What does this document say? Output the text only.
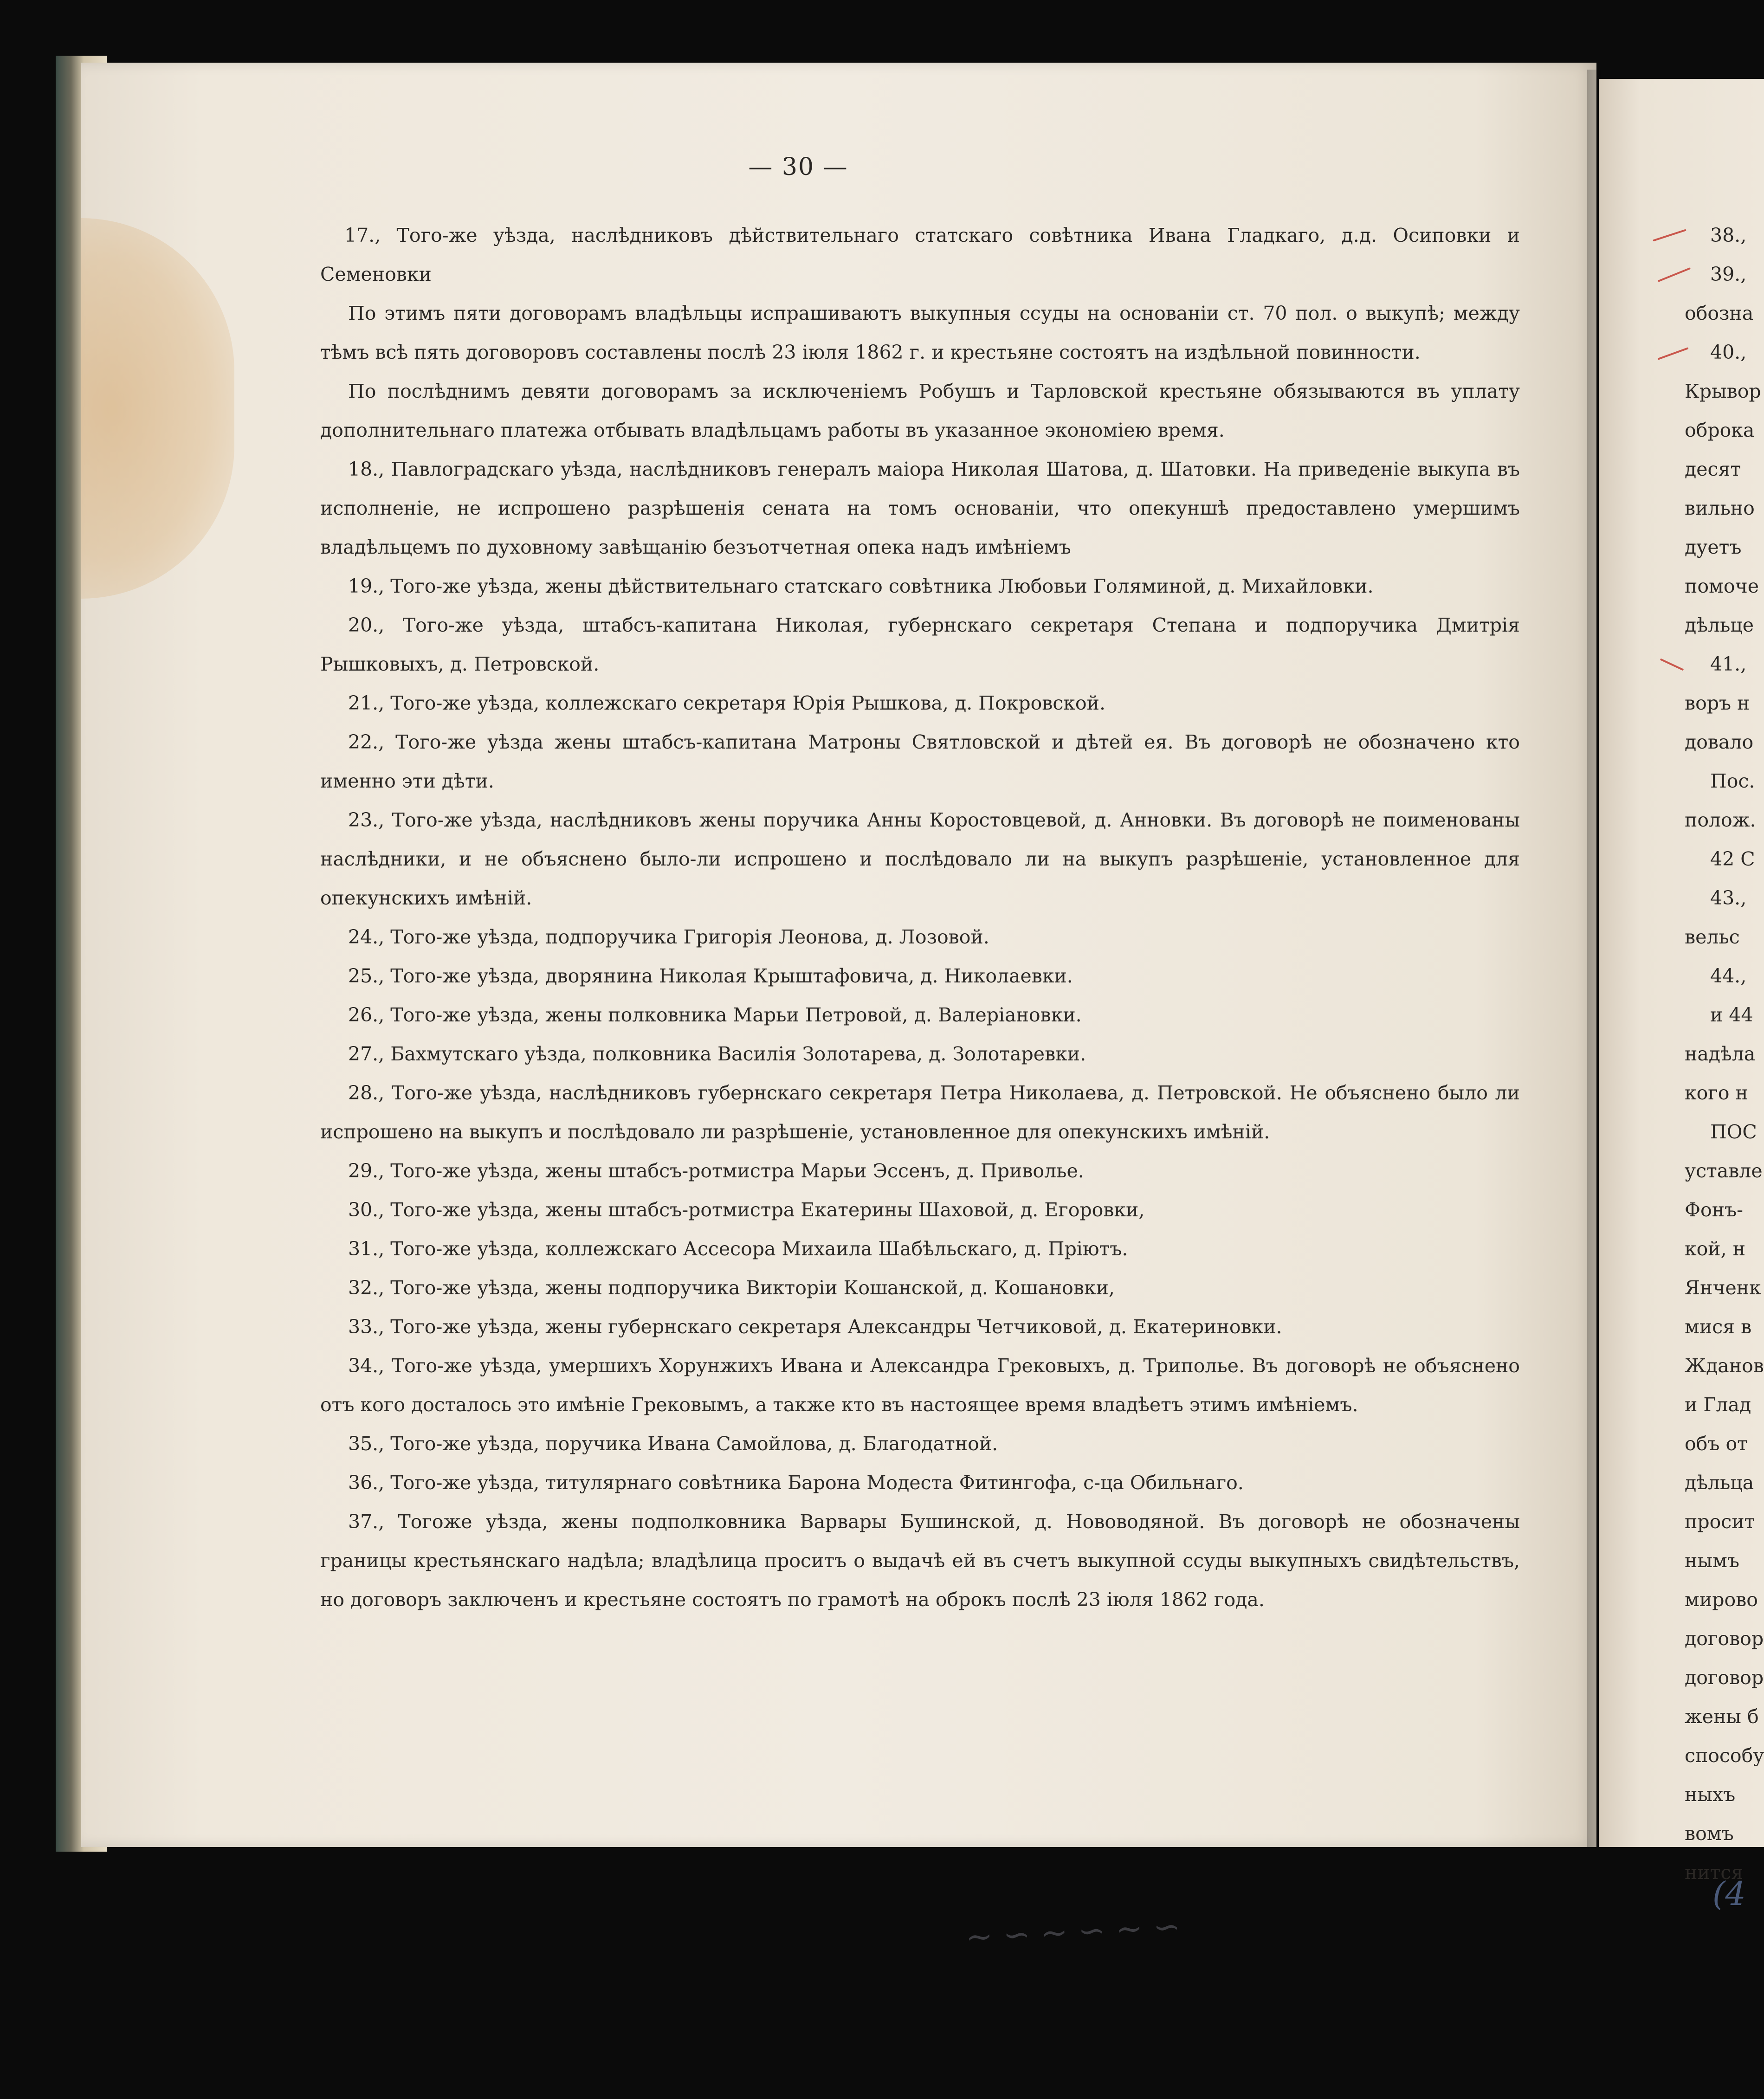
— 30 —

17., Того-же уѣзда, наслѣдниковъ дѣйствительнаго статскаго совѣтника Ивана Гладкаго, д.д. Осиповки и Семеновки

По этимъ пяти договорамъ владѣльцы испрашиваютъ выкупныя ссуды на основаніи ст. 70 пол. о выкупѣ; между тѣмъ всѣ пять договоровъ составлены послѣ 23 іюля 1862 г. и крестьяне состоятъ на издѣльной повинности.

По послѣднимъ девяти договорамъ за исключеніемъ Робушъ и Тарловской крестьяне обязываются въ уплату дополнительнаго платежа отбывать владѣльцамъ работы въ указанное экономіею время.

18., Павлоградскаго уѣзда, наслѣдниковъ генералъ маіора Николая Шатова, д. Шатовки. На приведеніе выкупа въ исполненіе, не испрошено разрѣшенія сената на томъ основаніи, что опекуншѣ предоставлено умершимъ владѣльцемъ по духовному завѣщанію безъотчетная опека надъ имѣніемъ

19., Того-же уѣзда, жены дѣйствительнаго статскаго совѣтника Любовьи Голяминой, д. Михайловки.

20., Того-же уѣзда, штабсъ-капитана Николая, губернскаго секретаря Степана и подпоручика Дмитрія Рышковыхъ, д. Петровской.

21., Того-же уѣзда, коллежскаго секретаря Юрія Рышкова, д. Покровской.

22., Того-же уѣзда жены штабсъ-капитана Матроны Святловской и дѣтей ея. Въ договорѣ не обозначено кто именно эти дѣти.

23., Того-же уѣзда, наслѣдниковъ жены поручика Анны Коростовцевой, д. Анновки. Въ договорѣ не поименованы наслѣдники, и не объяснено было-ли испрошено и послѣдовало ли на выкупъ разрѣшеніе, установленное для опекунскихъ имѣній.

24., Того-же уѣзда, подпоручика Григорія Леонова, д. Лозовой.

25., Того-же уѣзда, дворянина Николая Крыштафовича, д. Николаевки.

26., Того-же уѣзда, жены полковника Марьи Петровой, д. Валеріановки.

27., Бахмутскаго уѣзда, полковника Василія Золотарева, д. Золотаревки.

28., Того-же уѣзда, наслѣдниковъ губернскаго секретаря Петра Николаева, д. Петровской. Не объяснено было ли испрошено на выкупъ и послѣдовало ли разрѣшеніе, установленное для опекунскихъ имѣній.

29., Того-же уѣзда, жены штабсъ-ротмистра Марьи Эссенъ, д. Приволье.

30., Того-же уѣзда, жены штабсъ-ротмистра Екатерины Шаховой, д. Егоровки,

31., Того-же уѣзда, коллежскаго Ассесора Михаила Шабѣльскаго, д. Пріютъ.

32., Того-же уѣзда, жены подпоручика Викторіи Кошанской, д. Кошановки,

33., Того-же уѣзда, жены губернскаго секретаря Александры Четчиковой, д. Екатериновки.

34., Того-же уѣзда, умершихъ Хорунжихъ Ивана и Александра Грековыхъ, д. Триполье. Въ договорѣ не объяснено отъ кого досталось это имѣніе Грековымъ, а также кто въ настоящее время владѣетъ этимъ имѣніемъ.

35., Того-же уѣзда, поручика Ивана Самойлова, д. Благодатной.

36., Того-же уѣзда, титулярнаго совѣтника Барона Модеста Фитингофа, с-ца Обильнаго.

37., Тогоже уѣзда, жены подполковника Варвары Бушинской, д. Нововодяной. Въ договорѣ не обозначены границы крестьянскаго надѣла; владѣлица проситъ о выдачѣ ей въ счетъ выкупной ссуды выкупныхъ свидѣтельствъ, но договоръ заключенъ и крестьяне состоятъ по грамотѣ на оброкъ послѣ 23 іюля 1862 года.

38.,
39.,
обозна
40.,
Крывор
оброка
десят
вильно
дуетъ
помоче
дѣльце
41.,
воръ н
довало
Пос.
полож.
42 С
43.,
вельс
44.,
и 44
надѣла
кого н
ПОС
уставле
Фонъ-
кой, н
Янченк
мися в
Жданов
и Глад
объ от
дѣльца
просит
нымъ
мирово
договор
договор
жены б
способу
ныхъ
вомъ
нится
~ ∽ ∼ ∽ ∼ ∽
(4
